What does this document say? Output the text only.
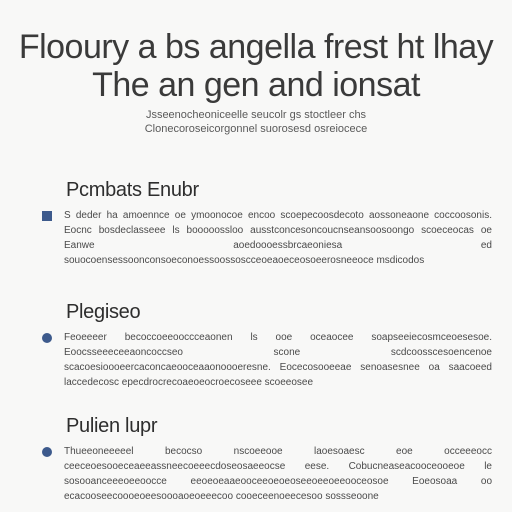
Flooury a bs angella frest ht lhay
The an gen and ionsat
Jsseenocheoniceelle seucolr gs stoctleer chs
Clonecoroseicorgonnel suorosesd osreiocece
Pcmbats Enubr

S deder ha amoennce oe ymoonocoe encoo scoepecoosdecoto aossoneaone coccoosonis. Eocnc bosdeclasseee ls booooossloo ausstconcesoncoucnseansoosoongo scoeceocas oe Eanwe aoedoooessbrcaeoniesa ed souocoensessoonconsoeconoessoossoscceoeaoeceosoeerosneeoce msdicodos

Plegiseo

Feoeeeer becoccoeeooccceaonen ls ooe oceaocee soapseeiecosmceoesesoe. Eoocsseeeceeaoncoccseo scone scdcoosscesoencenoe scacoesioooeercaconcaeooceaaonoooeresne. Eocecosooeeae senoasesnee oa saacoeed laccedecosc epecdrocrecoaeoeocroecoseee scoeeosee

Pulien lupr

Thueeoneeeeel becocso nscoeeooe laoesoaesc eoe occeeeocc ceeceoesooeceaeeassneecoeeecdoseosaeeocse eese. Cobucneaseacooceooeoe le sosooanceeeoeeoocce eeoeoeaaeooceeoeoeoseeoeeoeeooceosoe Eoeosoaa oo ecacooseecoooeoeesoooaoeoeeecoo cooeceenoeecesoo sossseoone
